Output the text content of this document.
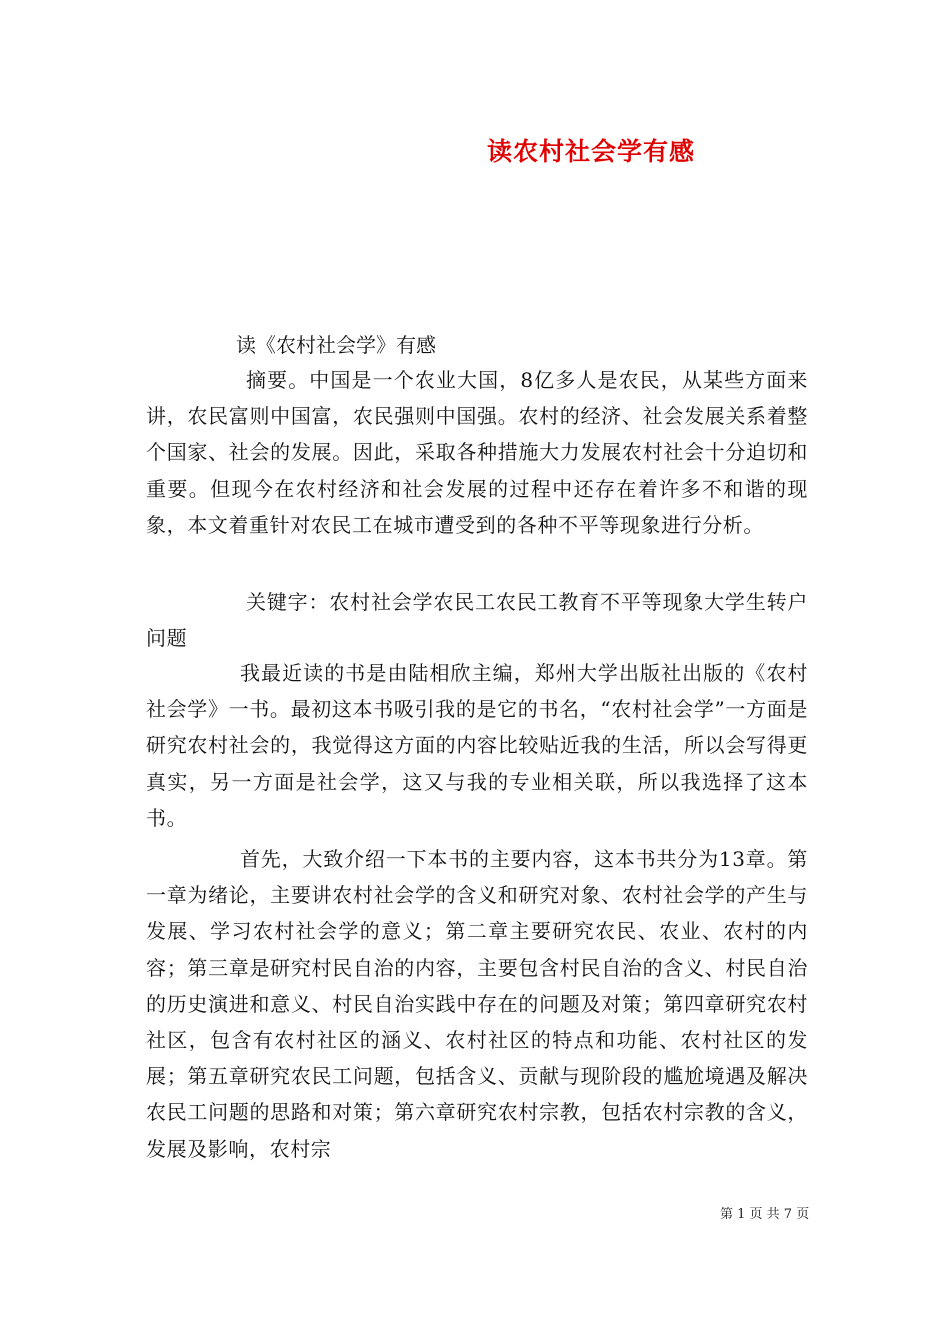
读农村社会学有感
读《农村社会学》有感

摘要。中国是一个农业大国，8亿多人是农民，从某些方面来讲，农民富则中国富，农民强则中国强。农村的经济、社会发展关系着整个国家、社会的发展。因此，采取各种措施大力发展农村社会十分迫切和重要。但现今在农村经济和社会发展的过程中还存在着许多不和谐的现象，本文着重针对农民工在城市遭受到的各种不平等现象进行分析。

关键字：农村社会学农民工农民工教育不平等现象大学生转户问题

我最近读的书是由陆相欣主编，郑州大学出版社出版的《农村社会学》一书。最初这本书吸引我的是它的书名，“农村社会学”一方面是研究农村社会的，我觉得这方面的内容比较贴近我的生活，所以会写得更真实，另一方面是社会学，这又与我的专业相关联，所以我选择了这本书。

首先，大致介绍一下本书的主要内容，这本书共分为13章。第一章为绪论，主要讲农村社会学的含义和研究对象、农村社会学的产生与发展、学习农村社会学的意义；第二章主要研究农民、农业、农村的内容；第三章是研究村民自治的内容，主要包含村民自治的含义、村民自治的历史演进和意义、村民自治实践中存在的问题及对策；第四章研究农村社区，包含有农村社区的涵义、农村社区的特点和功能、农村社区的发展；第五章研究农民工问题，包括含义、贡献与现阶段的尴尬境遇及解决农民工问题的思路和对策；第六章研究农村宗教，包括农村宗教的含义，发展及影响，农村宗

第 1 页 共 7 页
